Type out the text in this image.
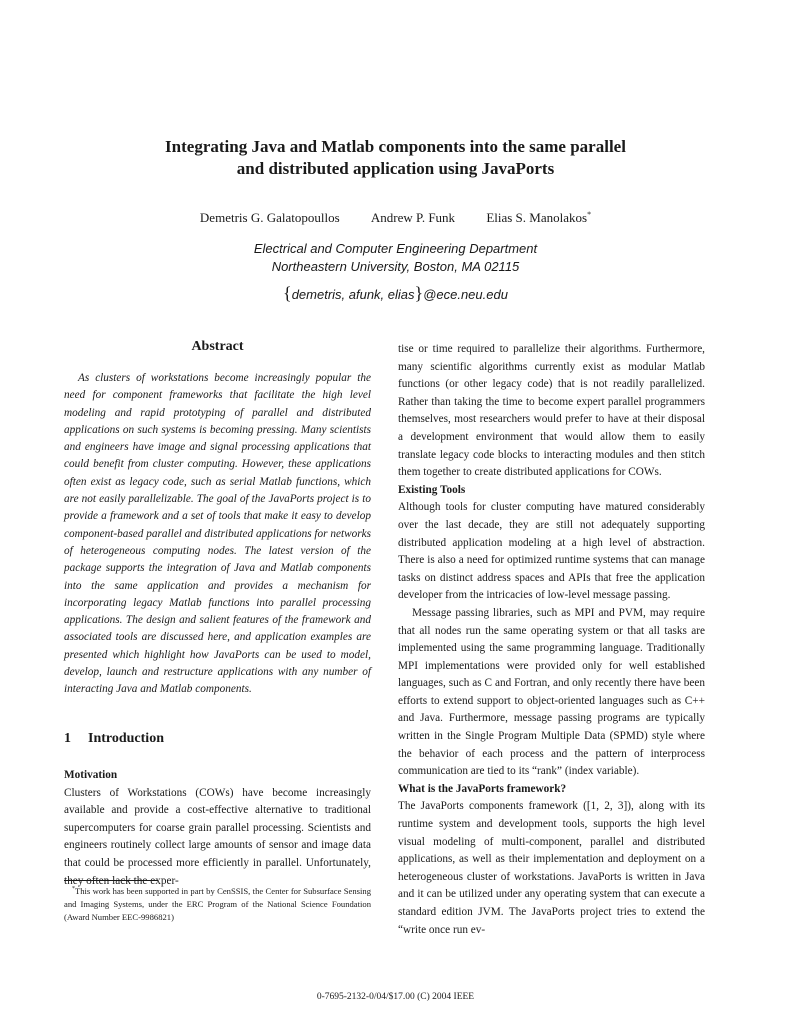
Integrating Java and Matlab components into the same parallel
and distributed application using JavaPorts
Demetris G. Galatopoullos Andrew P. Funk Elias S. Manolakos*
Electrical and Computer Engineering Department
Northeastern University, Boston, MA 02115
{demetris, afunk, elias}@ece.neu.edu
Abstract

As clusters of workstations become increasingly popular the need for component frameworks that facilitate the high level modeling and rapid prototyping of parallel and distributed applications on such systems is becoming pressing. Many scientists and engineers have image and signal processing applications that could benefit from cluster computing. However, these applications often exist as legacy code, such as serial Matlab functions, which are not easily parallelizable. The goal of the JavaPorts project is to provide a framework and a set of tools that make it easy to develop component-based parallel and distributed applications for networks of heterogeneous computing nodes. The latest version of the package supports the integration of Java and Matlab components into the same application and provides a mechanism for incorporating legacy Matlab functions into parallel processing applications. The design and salient features of the framework and associated tools are discussed here, and application examples are presented which highlight how JavaPorts can be used to model, develop, launch and restructure applications with any number of interacting Java and Matlab components.

1 Introduction
Motivation

Clusters of Workstations (COWs) have become increasingly available and provide a cost-effective alternative to traditional supercomputers for coarse grain parallel processing. Scientists and engineers routinely collect large amounts of sensor and image data that could be processed more efficiently in parallel. Unfortunately, they often lack the exper-

*This work has been supported in part by CenSSIS, the Center for Subsurface Sensing and Imaging Systems, under the ERC Program of the National Science Foundation (Award Number EEC-9986821)

tise or time required to parallelize their algorithms. Furthermore, many scientific algorithms currently exist as modular Matlab functions (or other legacy code) that is not readily parallelized. Rather than taking the time to become expert parallel programmers themselves, most researchers would prefer to have at their disposal a development environment that would allow them to easily translate legacy code blocks to interacting modules and then stitch them together to create distributed applications for COWs.

Existing Tools

Although tools for cluster computing have matured considerably over the last decade, they are still not adequately supporting distributed application modeling at a high level of abstraction. There is also a need for optimized runtime systems that can manage tasks on distinct address spaces and APIs that free the application developer from the intricacies of low-level message passing.

Message passing libraries, such as MPI and PVM, may require that all nodes run the same operating system or that all tasks are implemented using the same programming language. Traditionally MPI implementations were provided only for well established languages, such as C and Fortran, and only recently there have been efforts to extend support to object-oriented languages such as C++ and Java. Furthermore, message passing programs are typically written in the Single Program Multiple Data (SPMD) style where the behavior of each process and the pattern of interprocess communication are tied to its “rank” (index variable).

What is the JavaPorts framework?

The JavaPorts components framework ([1, 2, 3]), along with its runtime system and development tools, supports the high level visual modeling of multi-component, parallel and distributed applications, as well as their implementation and deployment on a heterogeneous cluster of workstations. JavaPorts is written in Java and it can be utilized under any operating system that can execute a standard edition JVM. The JavaPorts project tries to extend the “write once run ev-

0-7695-2132-0/04/$17.00 (C) 2004 IEEE
